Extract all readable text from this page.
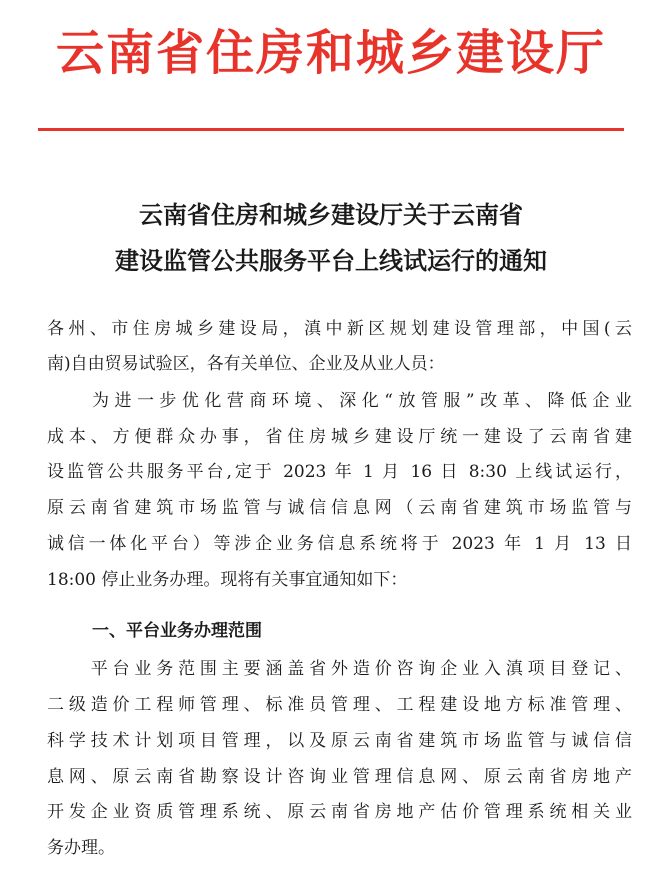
云南省住房和城乡建设厅
云南省住房和城乡建设厅关于云南省
建设监管公共服务平台上线试运行的通知
各州、市住房城乡建设局，滇中新区规划建设管理部，中国(云
南)自由贸易试验区，各有关单位、企业及从业人员：
　　为进一步优化营商环境、深化“放管服”改革、降低企业
成本、方便群众办事，省住房城乡建设厅统一建设了云南省建
设监管公共服务平台,定于 2023 年 1 月 16 日 8:30 上线试运行，
原云南省建筑市场监管与诚信信息网（云南省建筑市场监管与
诚信一体化平台）等涉企业务信息系统将于 2023 年 1 月 13 日
18:00 停止业务办理。现将有关事宜通知如下：
一、平台业务办理范围
　　平台业务范围主要涵盖省外造价咨询企业入滇项目登记、
二级造价工程师管理、标准员管理、工程建设地方标准管理、
科学技术计划项目管理，以及原云南省建筑市场监管与诚信信
息网、原云南省勘察设计咨询业管理信息网、原云南省房地产
开发企业资质管理系统、原云南省房地产估价管理系统相关业
务办理。
